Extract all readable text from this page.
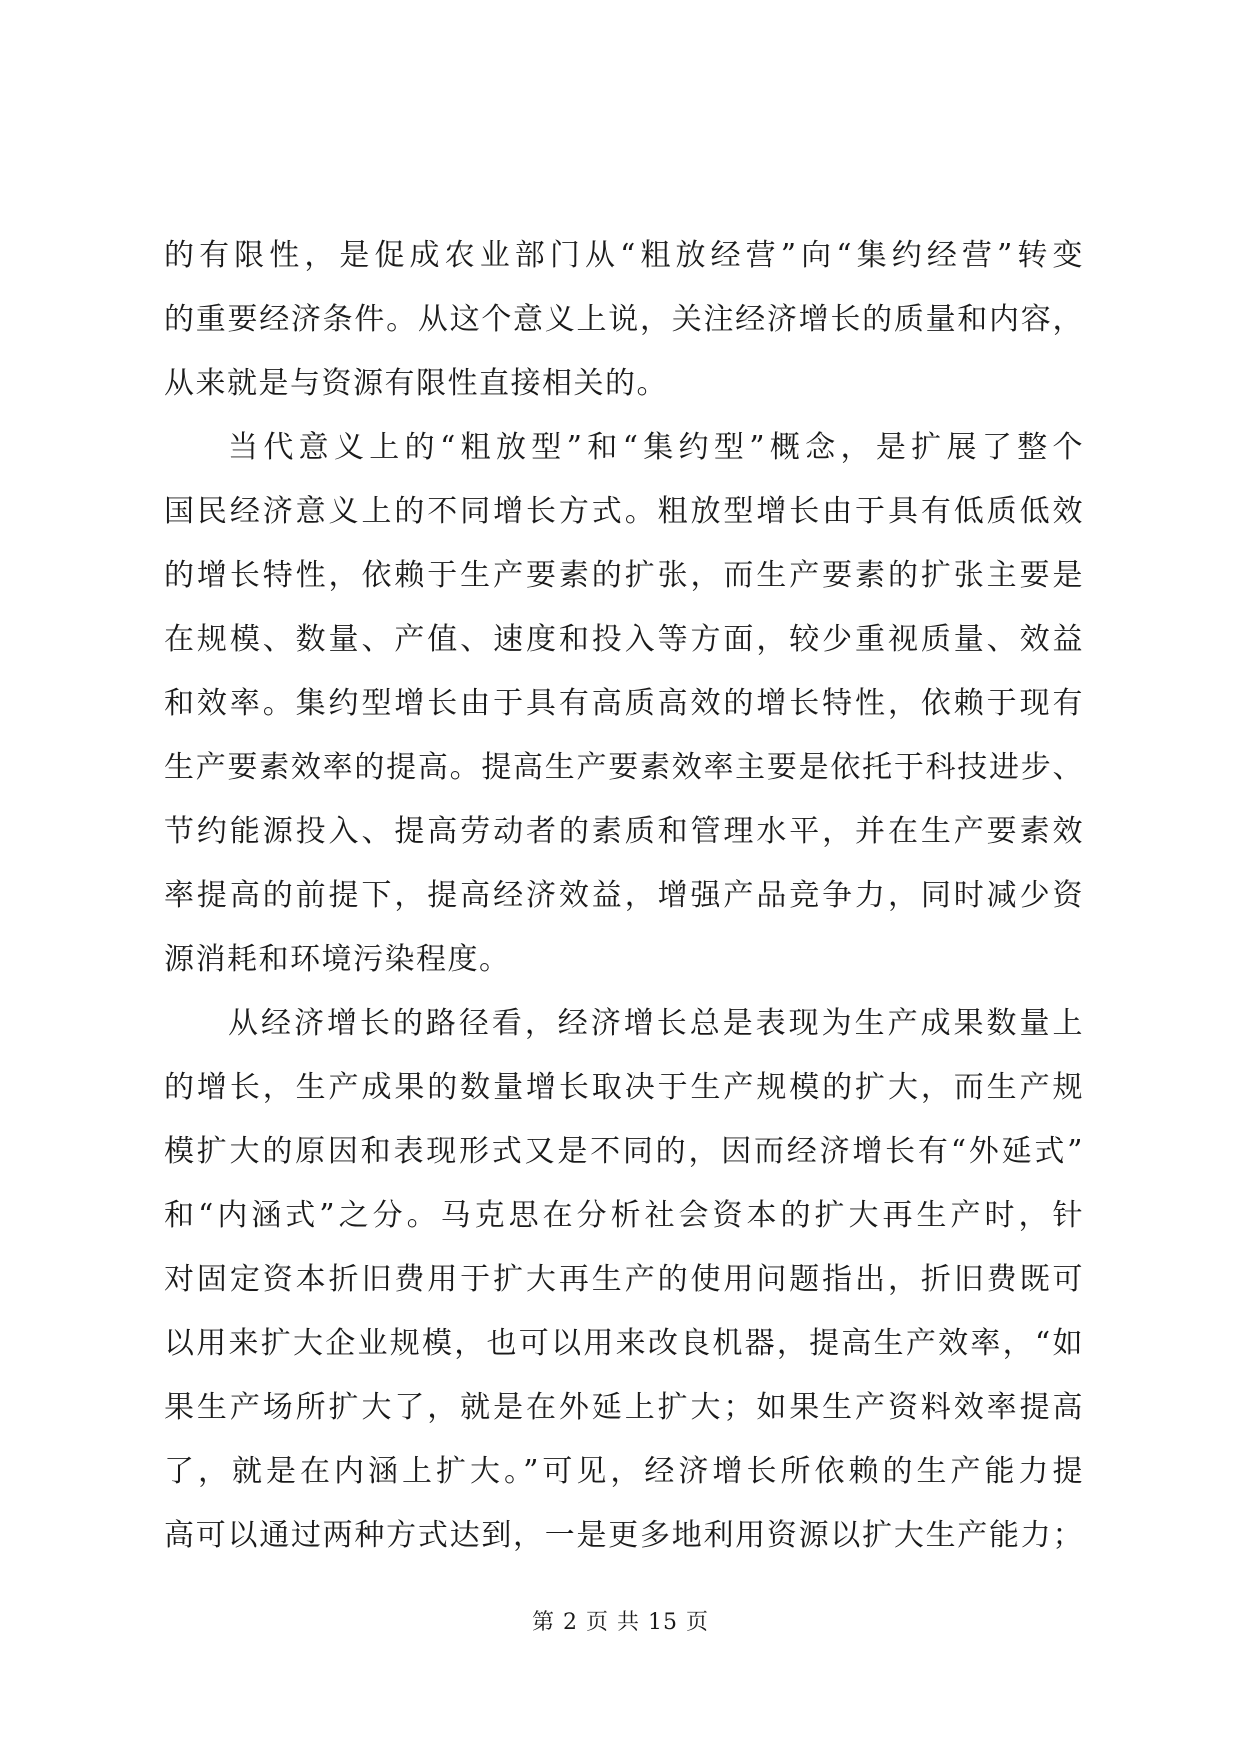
的有限性，是促成农业部门从“粗放经营”向“集约经营”转变
的重要经济条件。从这个意义上说，关注经济增长的质量和内容，
从来就是与资源有限性直接相关的。
当代意义上的“粗放型”和“集约型”概念，是扩展了整个
国民经济意义上的不同增长方式。粗放型增长由于具有低质低效
的增长特性，依赖于生产要素的扩张，而生产要素的扩张主要是
在规模、数量、产值、速度和投入等方面，较少重视质量、效益
和效率。集约型增长由于具有高质高效的增长特性，依赖于现有
生产要素效率的提高。提高生产要素效率主要是依托于科技进步、
节约能源投入、提高劳动者的素质和管理水平，并在生产要素效
率提高的前提下，提高经济效益，增强产品竞争力，同时减少资
源消耗和环境污染程度。
从经济增长的路径看，经济增长总是表现为生产成果数量上
的增长，生产成果的数量增长取决于生产规模的扩大，而生产规
模扩大的原因和表现形式又是不同的，因而经济增长有“外延式”
和“内涵式”之分。马克思在分析社会资本的扩大再生产时，针
对固定资本折旧费用于扩大再生产的使用问题指出，折旧费既可
以用来扩大企业规模，也可以用来改良机器，提高生产效率，“如
果生产场所扩大了，就是在外延上扩大；如果生产资料效率提高
了，就是在内涵上扩大。”可见，经济增长所依赖的生产能力提
高可以通过两种方式达到，一是更多地利用资源以扩大生产能力；
第 2 页 共 15 页
